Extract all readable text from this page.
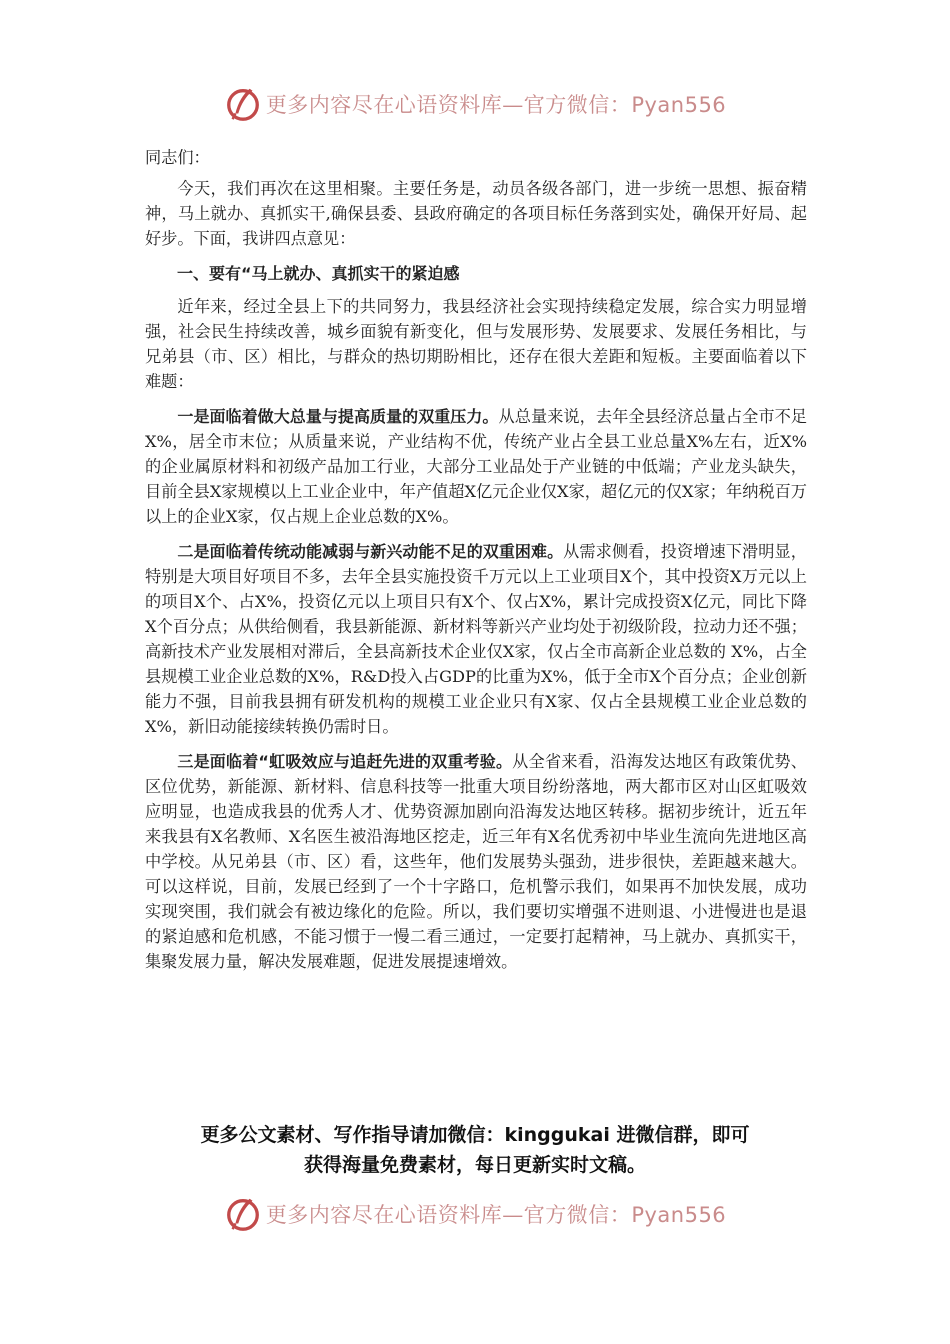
更多内容尽在心语资料库—官方微信：Pyan556

同志们：

今天，我们再次在这里相聚。主要任务是，动员各级各部门，进一步统一思想、振奋精神，马上就办、真抓实干,确保县委、县政府确定的各项目标任务落到实处，确保开好局、起好步。下面，我讲四点意见：

一、要有“马上就办、真抓实干的紧迫感

近年来，经过全县上下的共同努力，我县经济社会实现持续稳定发展，综合实力明显增强，社会民生持续改善，城乡面貌有新变化，但与发展形势、发展要求、发展任务相比，与兄弟县（市、区）相比，与群众的热切期盼相比，还存在很大差距和短板。主要面临着以下难题：

一是面临着做大总量与提高质量的双重压力。从总量来说，去年全县经济总量占全市不足X%，居全市末位；从质量来说，产业结构不优，传统产业占全县工业总量X%左右，近X%的企业属原材料和初级产品加工行业，大部分工业品处于产业链的中低端；产业龙头缺失，目前全县X家规模以上工业企业中，年产值超X亿元企业仅X家，超亿元的仅X家；年纳税百万以上的企业X家，仅占规上企业总数的X%。

二是面临着传统动能减弱与新兴动能不足的双重困难。从需求侧看，投资增速下滑明显，特别是大项目好项目不多，去年全县实施投资千万元以上工业项目X个，其中投资X万元以上的项目X个、占X%，投资亿元以上项目只有X个、仅占X%，累计完成投资X亿元，同比下降X个百分点；从供给侧看，我县新能源、新材料等新兴产业均处于初级阶段，拉动力还不强；高新技术产业发展相对滞后，全县高新技术企业仅X家，仅占全市高新企业总数的 X%，占全县规模工业企业总数的X%，R&D投入占GDP的比重为X%，低于全市X个百分点；企业创新能力不强，目前我县拥有研发机构的规模工业企业只有X家、仅占全县规模工业企业总数的X%，新旧动能接续转换仍需时日。

三是面临着“虹吸效应与追赶先进的双重考验。从全省来看，沿海发达地区有政策优势、区位优势，新能源、新材料、信息科技等一批重大项目纷纷落地，两大都市区对山区虹吸效应明显，也造成我县的优秀人才、优势资源加剧向沿海发达地区转移。据初步统计，近五年来我县有X名教师、X名医生被沿海地区挖走，近三年有X名优秀初中毕业生流向先进地区高中学校。从兄弟县（市、区）看，这些年，他们发展势头强劲，进步很快，差距越来越大。可以这样说，目前，发展已经到了一个十字路口，危机警示我们，如果再不加快发展，成功实现突围，我们就会有被边缘化的危险。所以，我们要切实增强不进则退、小进慢进也是退的紧迫感和危机感，不能习惯于一慢二看三通过，一定要打起精神，马上就办、真抓实干，集聚发展力量，解决发展难题，促进发展提速增效。

更多公文素材、写作指导请加微信：kinggukai 进微信群，即可
获得海量免费素材，每日更新实时文稿。
更多内容尽在心语资料库—官方微信：Pyan556
